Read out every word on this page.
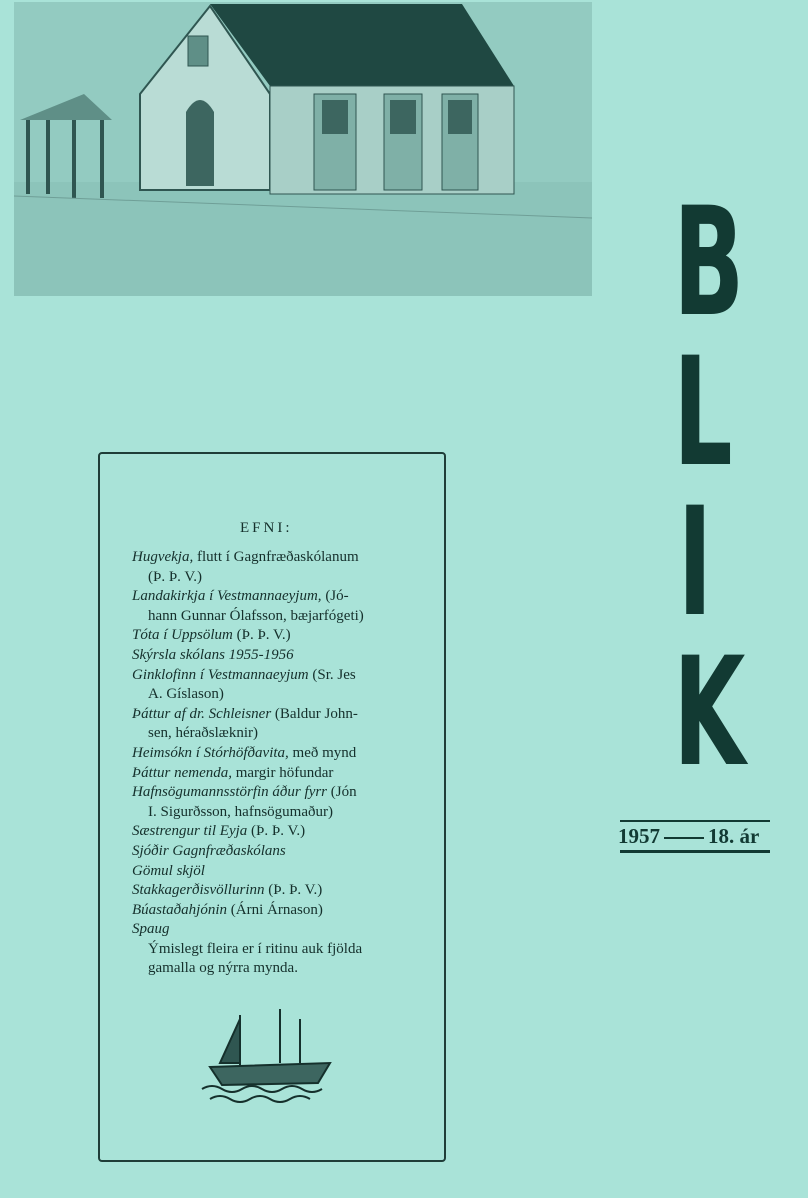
B
L
I
K
1957 18. ár
EFNI:
Hugvekja, flutt í Gagnfræðaskólanum
(Þ. Þ. V.)
Landakirkja í Vestmannaeyjum, (Jó-
hann Gunnar Ólafsson, bæjarfógeti)
Tóta í Uppsölum (Þ. Þ. V.)
Skýrsla skólans 1955-1956
Ginklofinn í Vestmannaeyjum (Sr. Jes
A. Gíslason)
Þáttur af dr. Schleisner (Baldur John-
sen, héraðslæknir)
Heimsókn í Stórhöfðavita, með mynd
Þáttur nemenda, margir höfundar
Hafnsögumannsstörfin áður fyrr (Jón
I. Sigurðsson, hafnsögumaður)
Sæstrengur til Eyja (Þ. Þ. V.)
Sjóðir Gagnfræðaskólans
Gömul skjöl
Stakkagerðisvöllurinn (Þ. Þ. V.)
Búastaðahjónin (Árni Árnason)
Spaug
Ýmislegt fleira er í ritinu auk fjölda
gamalla og nýrra mynda.
